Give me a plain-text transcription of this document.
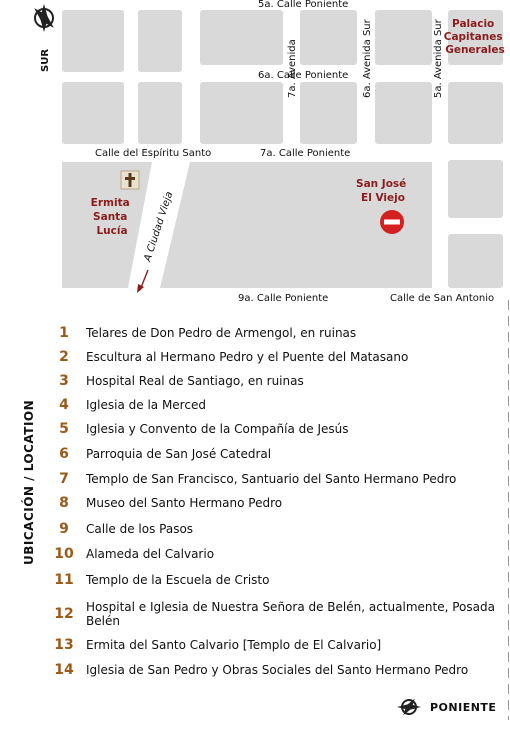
SUR
5a. Calle Poniente
6a. Calle Poniente
Calle del Espíritu Santo	7a. Calle Poniente
9a. Calle Poniente	Calle de San Antonio
7a. Avenida	6a. Avenida Sur	5a. Avenida Sur
A Ciudad Vieja
Palacio Capitanes Generales
Ermita Santa Lucía
San José El Viejo
UBICACIÓN / LOCATION
1	Telares de Don Pedro de Armengol, en ruinas
2	Escultura al Hermano Pedro y el Puente del Matasano
3	Hospital Real de Santiago, en ruinas
4	Iglesia de la Merced
5	Iglesia y Convento de la Compañía de Jesús
6	Parroquia de San José Catedral
7	Templo de San Francisco, Santuario del Santo Hermano Pedro
8	Museo del Santo Hermano Pedro
9	Calle de los Pasos
10	Alameda del Calvario
11	Templo de la Escuela de Cristo
12	Hospital e Iglesia de Nuestra Señora de Belén, actualmente, Posada Belén
13	Ermita del Santo Calvario [Templo de El Calvario]
14	Iglesia de San Pedro y Obras Sociales del Santo Hermano Pedro
PONIENTE
